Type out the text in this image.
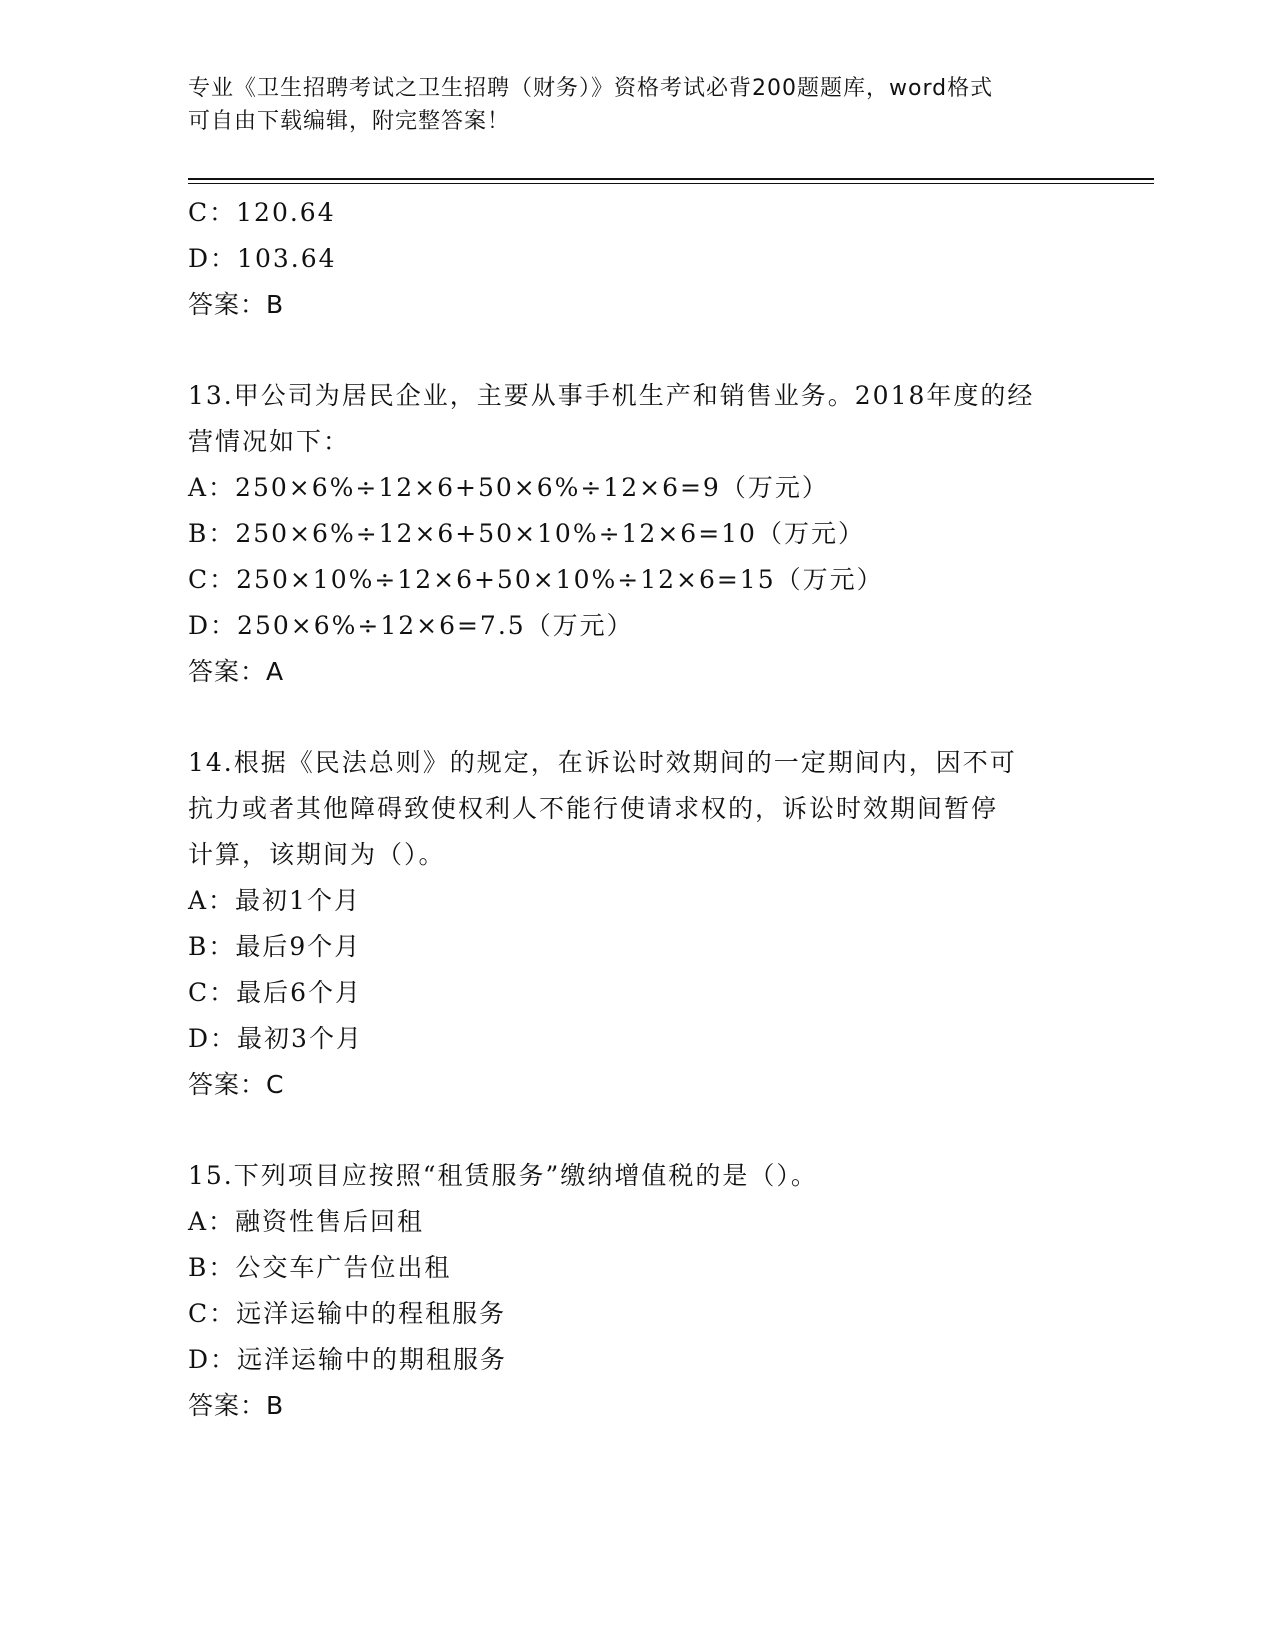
专业《卫生招聘考试之卫生招聘（财务）》资格考试必背200题题库，word格式
可自由下载编辑，附完整答案！
C：120.64
D：103.64
答案：B
13.甲公司为居民企业，主要从事手机生产和销售业务。2018年度的经
营情况如下：
A：250×6%÷12×6+50×6%÷12×6=9（万元）
B：250×6%÷12×6+50×10%÷12×6=10（万元）
C：250×10%÷12×6+50×10%÷12×6=15（万元）
D：250×6%÷12×6=7.5（万元）
答案：A
14.根据《民法总则》的规定，在诉讼时效期间的一定期间内，因不可
抗力或者其他障碍致使权利人不能行使请求权的，诉讼时效期间暂停
计算，该期间为（）。
A：最初1个月
B：最后9个月
C：最后6个月
D：最初3个月
答案：C
15.下列项目应按照“租赁服务”缴纳增值税的是（）。
A：融资性售后回租
B：公交车广告位出租
C：远洋运输中的程租服务
D：远洋运输中的期租服务
答案：B
